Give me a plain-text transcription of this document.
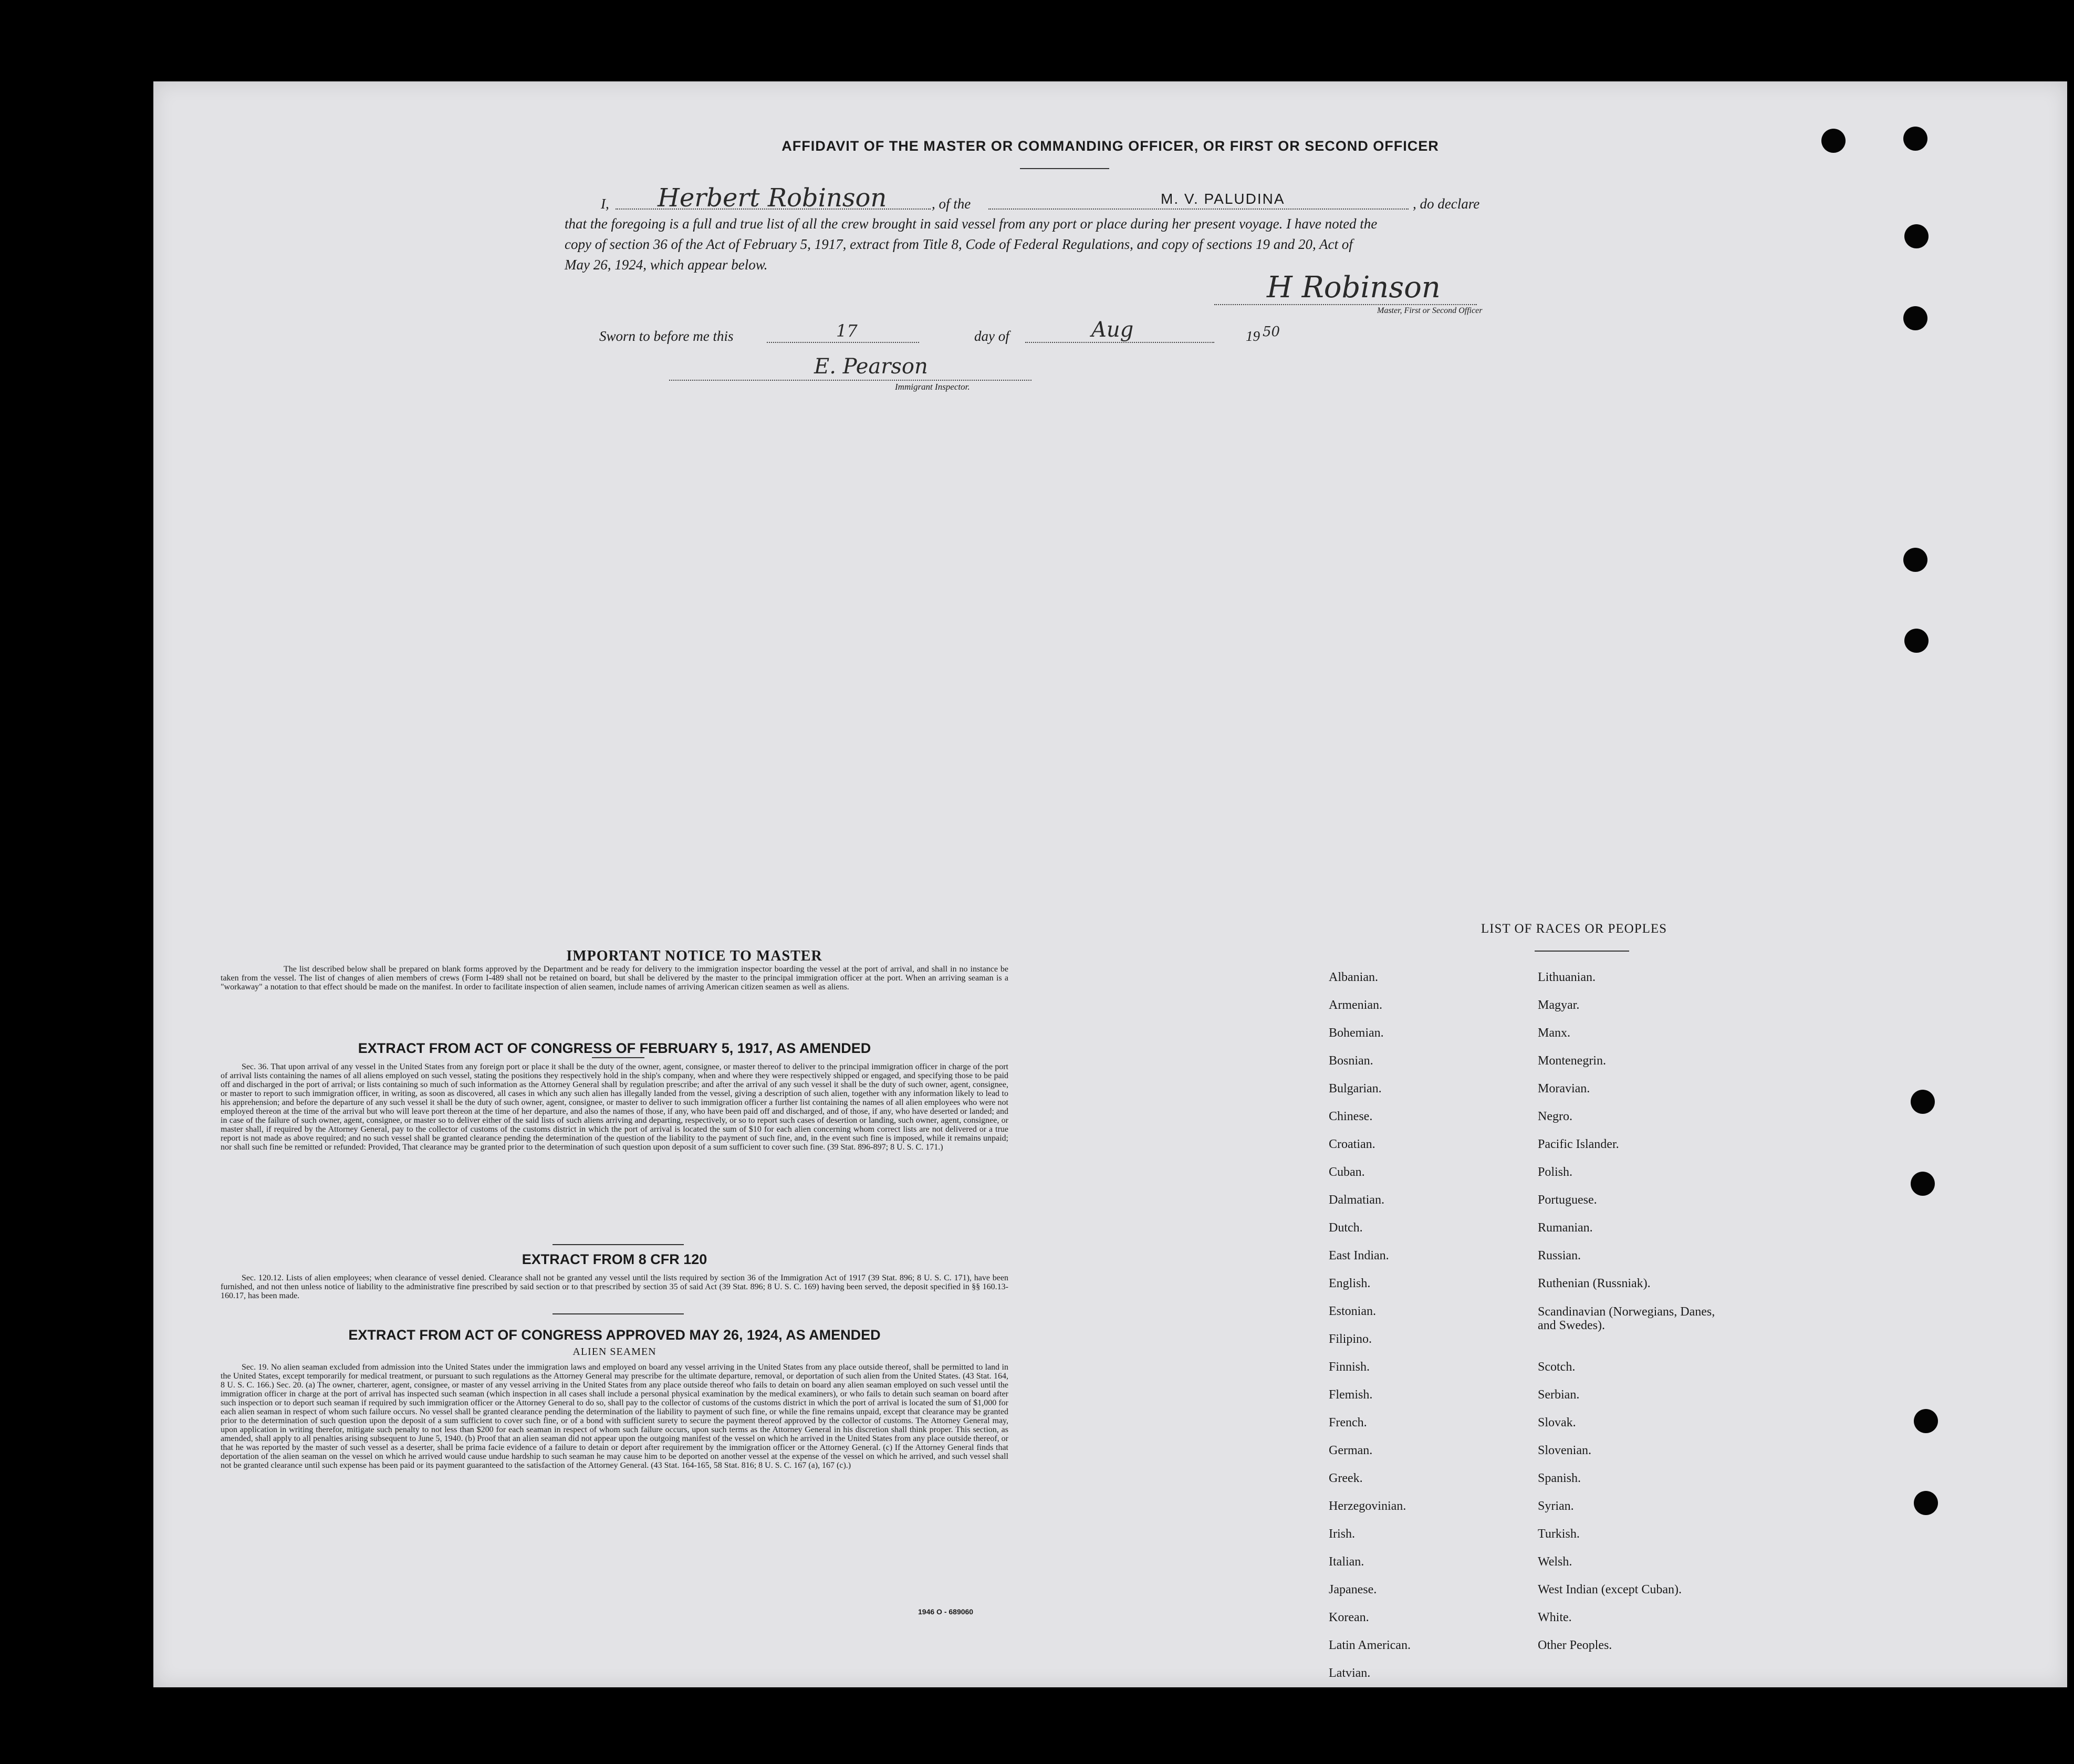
AFFIDAVIT OF THE MASTER OR COMMANDING OFFICER, OR FIRST OR SECOND OFFICER
I, Herbert Robinson	, of the	M. V. PALUDINA	, do declare
that the foregoing is a full and true list of all the crew brought in said vessel from any port or place during her present voyage. I have noted the
copy of section 36 of the Act of February 5, 1917, extract from Title 8, Code of Federal Regulations, and copy of sections 19 and 20, Act of
May 26, 1924, which appear below.
H Robinson
Master, First or Second Officer
Sworn to before me this	17	day of	Aug	19 50
E. Pearson
Immigrant Inspector.
IMPORTANT NOTICE TO MASTER
The list described below shall be prepared on blank forms approved by the Department and be ready for delivery to the immigration inspector boarding the vessel at the port of arrival, and shall in no instance be taken from the vessel. The list of changes of alien members of crews (Form I-489 shall not be retained on board, but shall be delivered by the master to the principal immigration officer at the port. When an arriving seaman is a "workaway" a notation to that effect should be made on the manifest. In order to facilitate inspection of alien seamen, include names of arriving American citizen seamen as well as aliens.
EXTRACT FROM ACT OF CONGRESS OF FEBRUARY 5, 1917, AS AMENDED
Sec. 36. That upon arrival of any vessel in the United States from any foreign port or place it shall be the duty of the owner, agent, consignee, or master thereof to deliver to the principal immigration officer in charge of the port of arrival lists containing the names of all aliens employed on such vessel, stating the positions they respectively hold in the ship's company, when and where they were respectively shipped or engaged, and specifying those to be paid off and discharged in the port of arrival; or lists containing so much of such information as the Attorney General shall by regulation prescribe; and after the arrival of any such vessel it shall be the duty of such owner, agent, consignee, or master to report to such immigration officer, in writing, as soon as discovered, all cases in which any such alien has illegally landed from the vessel, giving a description of such alien, together with any information likely to lead to his apprehension; and before the departure of any such vessel it shall be the duty of such owner, agent, consignee, or master to deliver to such immigration officer a further list containing the names of all alien employees who were not employed thereon at the time of the arrival but who will leave port thereon at the time of her departure, and also the names of those, if any, who have been paid off and discharged, and of those, if any, who have deserted or landed; and in case of the failure of such owner, agent, consignee, or master so to deliver either of the said lists of such aliens arriving and departing, respectively, or so to report such cases of desertion or landing, such owner, agent, consignee, or master shall, if required by the Attorney General, pay to the collector of customs of the customs district in which the port of arrival is located the sum of $10 for each alien concerning whom correct lists are not delivered or a true report is not made as above required; and no such vessel shall be granted clearance pending the determination of the question of the liability to the payment of such fine, and, in the event such fine is imposed, while it remains unpaid; nor shall such fine be remitted or refunded: Provided, That clearance may be granted prior to the determination of such question upon deposit of a sum sufficient to cover such fine. (39 Stat. 896-897; 8 U. S. C. 171.)
EXTRACT FROM 8 CFR 120
Sec. 120.12. Lists of alien employees; when clearance of vessel denied. Clearance shall not be granted any vessel until the lists required by section 36 of the Immigration Act of 1917 (39 Stat. 896; 8 U. S. C. 171), have been furnished, and not then unless notice of liability to the administrative fine prescribed by said section or to that prescribed by section 35 of said Act (39 Stat. 896; 8 U. S. C. 169) having been served, the deposit specified in §§ 160.13-160.17, has been made.
EXTRACT FROM ACT OF CONGRESS APPROVED MAY 26, 1924, AS AMENDED
ALIEN SEAMEN
Sec. 19. No alien seaman excluded from admission into the United States under the immigration laws and employed on board any vessel arriving in the United States from any place outside thereof, shall be permitted to land in the United States, except temporarily for medical treatment, or pursuant to such regulations as the Attorney General may prescribe for the ultimate departure, removal, or deportation of such alien from the United States. (43 Stat. 164, 8 U. S. C. 166.) Sec. 20. (a) The owner, charterer, agent, consignee, or master of any vessel arriving in the United States from any place outside thereof who fails to detain on board any alien seaman employed on such vessel until the immigration officer in charge at the port of arrival has inspected such seaman (which inspection in all cases shall include a personal physical examination by the medical examiners), or who fails to detain such seaman on board after such inspection or to deport such seaman if required by such immigration officer or the Attorney General to do so, shall pay to the collector of customs of the customs district in which the port of arrival is located the sum of $1,000 for each alien seaman in respect of whom such failure occurs. No vessel shall be granted clearance pending the determination of the liability to payment of such fine, or while the fine remains unpaid, except that clearance may be granted prior to the determination of such question upon the deposit of a sum sufficient to cover such fine, or of a bond with sufficient surety to secure the payment thereof approved by the collector of customs. The Attorney General may, upon application in writing therefor, mitigate such penalty to not less than $200 for each seaman in respect of whom such failure occurs, upon such terms as the Attorney General in his discretion shall think proper. This section, as amended, shall apply to all penalties arising subsequent to June 5, 1940. (b) Proof that an alien seaman did not appear upon the outgoing manifest of the vessel on which he arrived in the United States from any place outside thereof, or that he was reported by the master of such vessel as a deserter, shall be prima facie evidence of a failure to detain or deport after requirement by the immigration officer or the Attorney General. (c) If the Attorney General finds that deportation of the alien seaman on the vessel on which he arrived would cause undue hardship to such seaman he may cause him to be deported on another vessel at the expense of the vessel on which he arrived, and such vessel shall not be granted clearance until such expense has been paid or its payment guaranteed to the satisfaction of the Attorney General. (43 Stat. 164-165, 58 Stat. 816; 8 U. S. C. 167 (a), 167 (c).)
1946 O - 689060
LIST OF RACES OR PEOPLES
Albanian.
Armenian.
Bohemian.
Bosnian.
Bulgarian.
Chinese.
Croatian.
Cuban.
Dalmatian.
Dutch.
East Indian.
English.
Estonian.
Filipino.
Finnish.
Flemish.
French.
German.
Greek.
Herzegovinian.
Irish.
Italian.
Japanese.
Korean.
Latin American.
Latvian.
Lithuanian.
Magyar.
Manx.
Montenegrin.
Moravian.
Negro.
Pacific Islander.
Polish.
Portuguese.
Rumanian.
Russian.
Ruthenian (Russniak).
Scandinavian (Norwegians, Danes, and Swedes).
Scotch.
Serbian.
Slovak.
Slovenian.
Spanish.
Syrian.
Turkish.
Welsh.
West Indian (except Cuban).
White.
Other Peoples.
